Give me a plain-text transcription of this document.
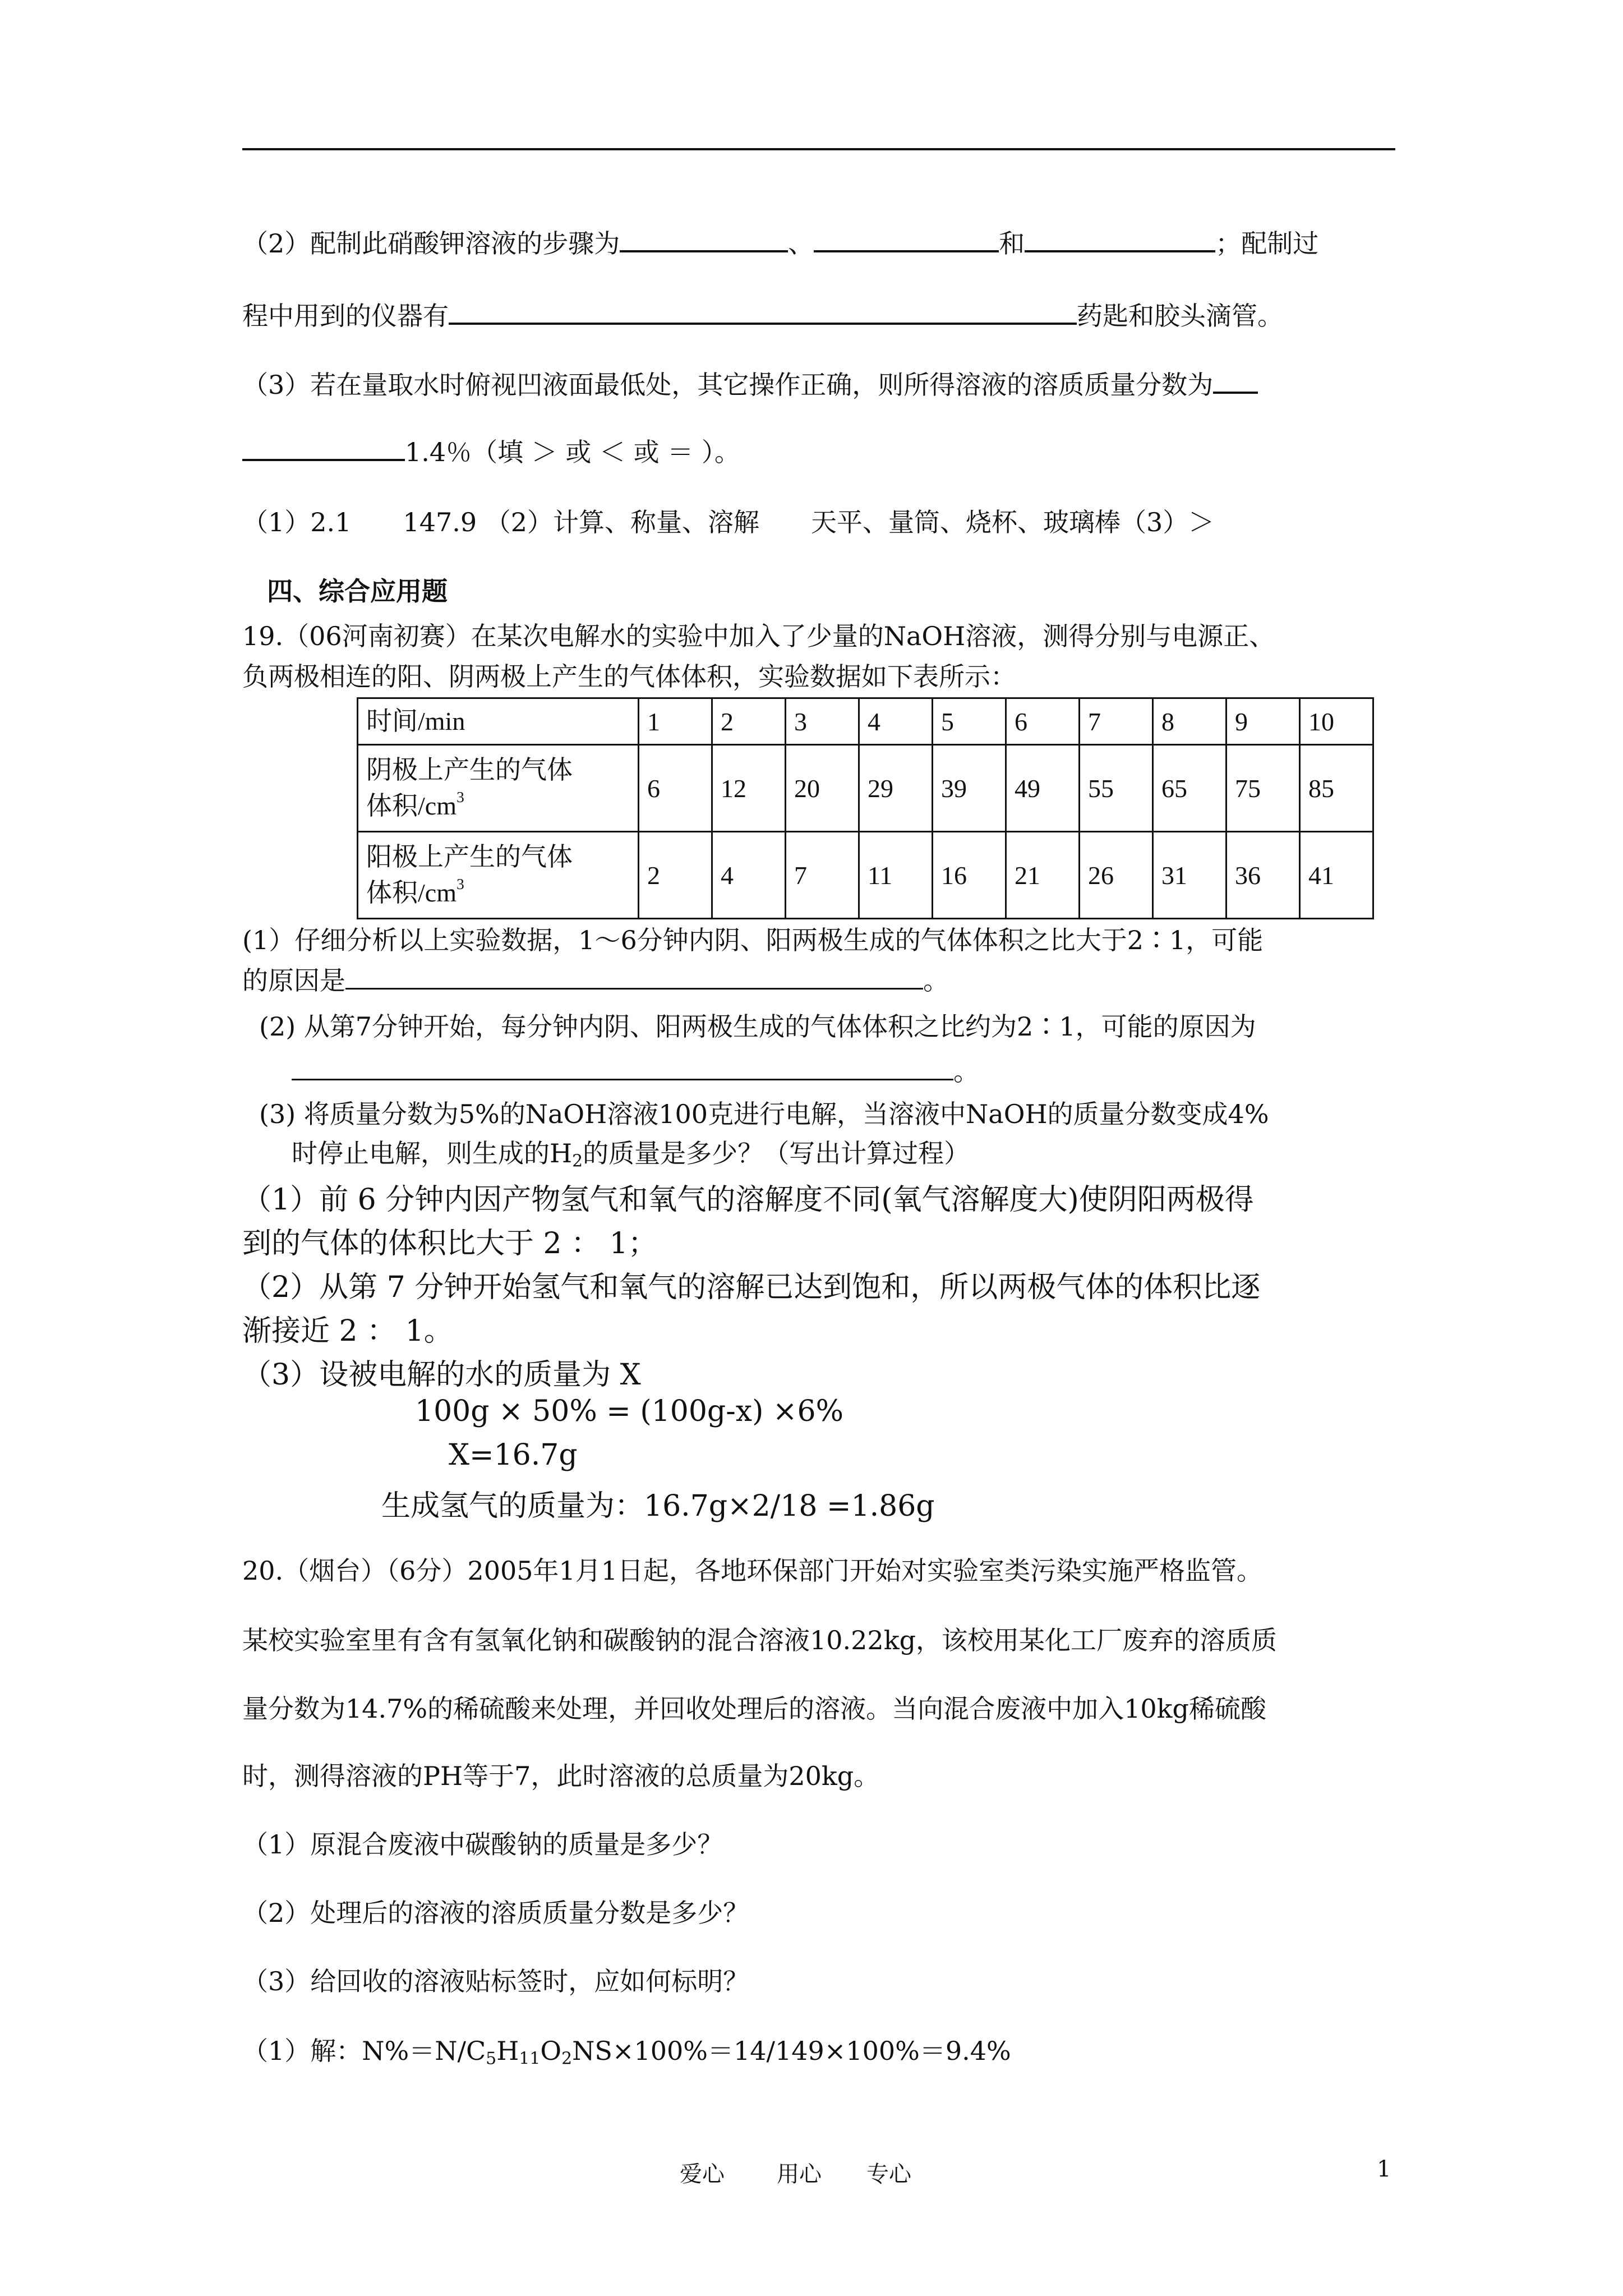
（2）配制此硝酸钾溶液的步骤为	、	和	；配制过
程中用到的仪器有	药匙和胶头滴管。
（3）若在量取水时俯视凹液面最低处，其它操作正确，则所得溶液的溶质质量分数为
1.4％（填 ＞ 或 ＜ 或 ＝ ）。
（1）2.1　　147.9 （2）计算、称量、溶解　　天平、量筒、烧杯、玻璃棒（3）＞
四、综合应用题
19.（06河南初赛）在某次电解水的实验中加入了少量的NaOH溶液，测得分别与电源正、
负两极相连的阳、阴两极上产生的气体体积，实验数据如下表所示：
时间/min	1	2	3	4	5	6	7	8	9	10

阴极上产生的气体
体积$/cm^3$	6	12	20	29	39	49	55	65	75	85

阳极上产生的气体
体积$/cm^3$	2	4	7	11	16	21	26	31	36	41
(1）仔细分析以上实验数据，1～6分钟内阴、阳两极生成的气体体积之比大于2∶1，可能
的原因是	。
(2) 从第7分钟开始，每分钟内阴、阳两极生成的气体体积之比约为2∶1，可能的原因为
。
(3) 将质量分数为5%的NaOH溶液100克进行电解，当溶液中NaOH的质量分数变成4%
时停止电解，则生成的$H_2$的质量是多少？（写出计算过程）
（1）前 6 分钟内因产物氢气和氧气的溶解度不同(氧气溶解度大)使阴阳两极得
到的气体的体积比大于 2 ： 1；
（2）从第 7 分钟开始氢气和氧气的溶解已达到饱和，所以两极气体的体积比逐
渐接近 2 ： 1。
（3）设被电解的水的质量为 X
100g × 50% = (100g-x) ×6%
X=16.7g
生成氢气的质量为：16.7g×2/18 =1.86g
20.（烟台）（6分）2005年1月1日起，各地环保部门开始对实验室类污染实施严格监管。
某校实验室里有含有氢氧化钠和碳酸钠的混合溶液10.22kg，该校用某化工厂废弃的溶质质
量分数为14.7%的稀硫酸来处理，并回收处理后的溶液。当向混合废液中加入10kg稀硫酸
时，测得溶液的PH等于7，此时溶液的总质量为20kg。
（1）原混合废液中碳酸钠的质量是多少？
（2）处理后的溶液的溶质质量分数是多少？
（3）给回收的溶液贴标签时，应如何标明？
（1）解：$N\%=N/C_5H_{11}O_2NS\times 100\%=14/149\times 100\%=9.4\%$
爱心 用心 专心	1
